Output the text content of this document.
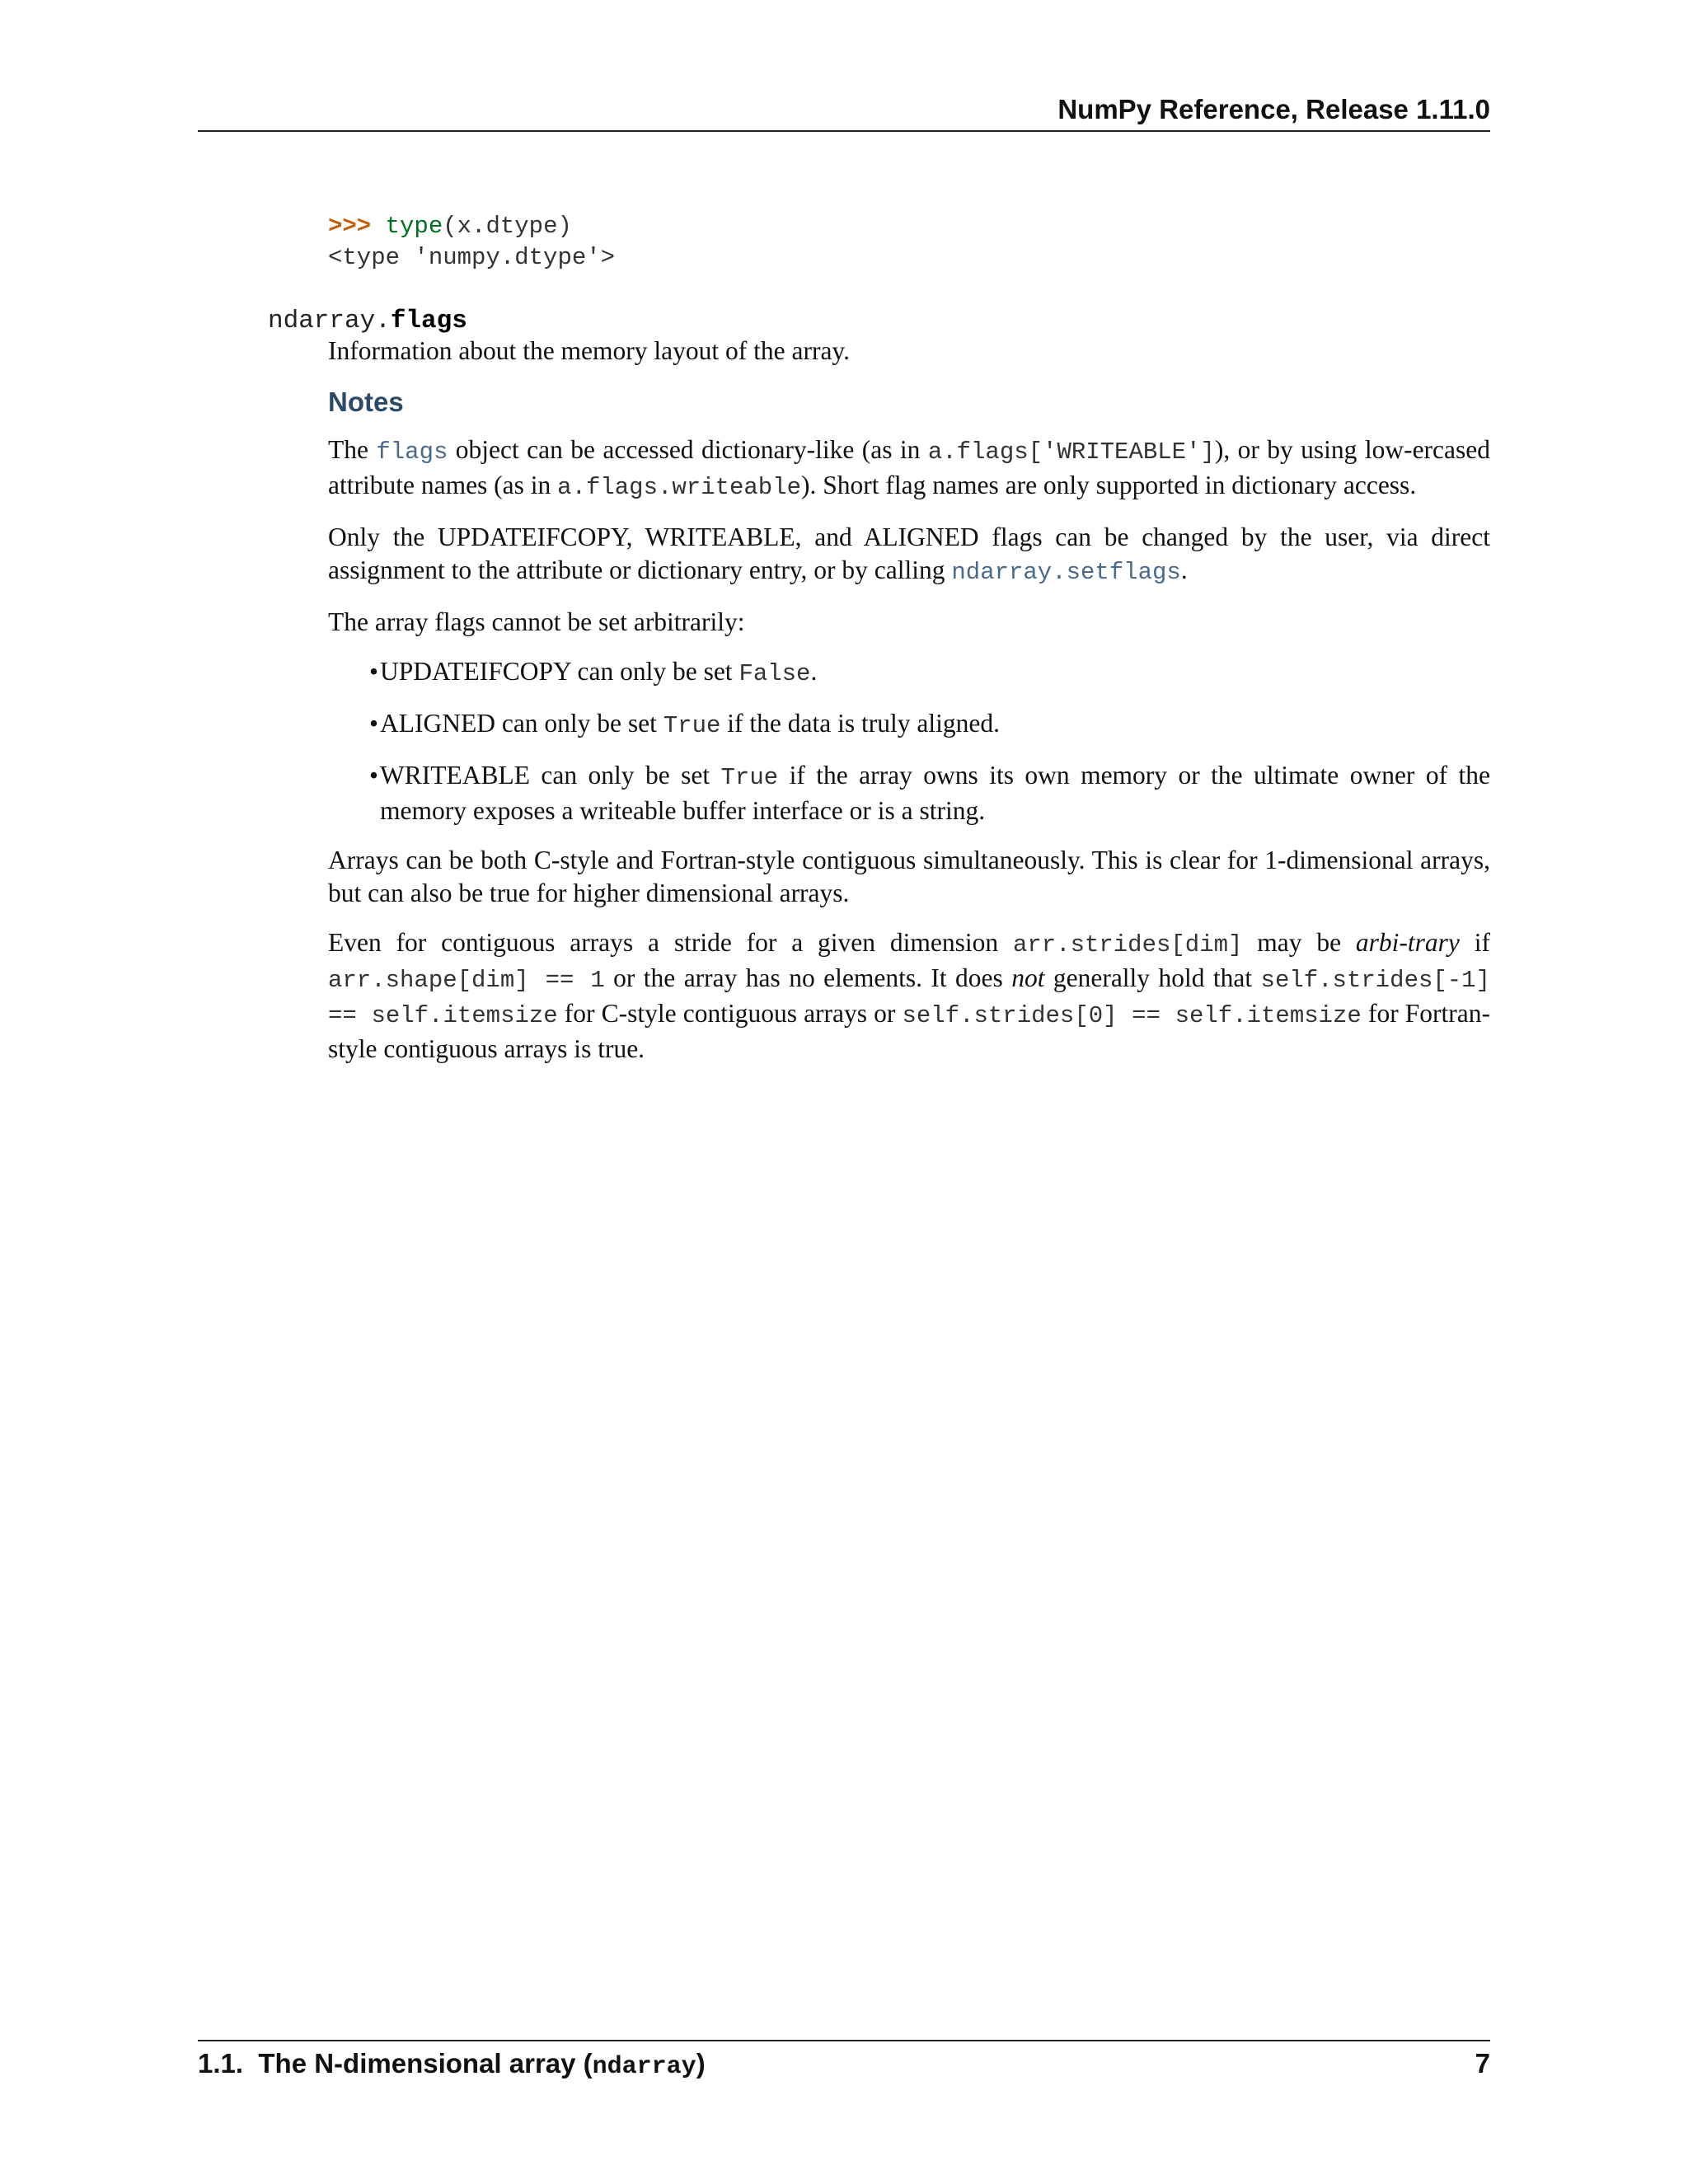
NumPy Reference, Release 1.11.0
>>> type(x.dtype)
<type 'numpy.dtype'>
ndarray.flags

Information about the memory layout of the array.

Notes

The flags object can be accessed dictionary-like (as in a.flags['WRITEABLE']), or by using low-ercased attribute names (as in a.flags.writeable). Short flag names are only supported in dictionary access.

Only the UPDATEIFCOPY, WRITEABLE, and ALIGNED flags can be changed by the user, via direct assignment to the attribute or dictionary entry, or by calling ndarray.setflags.

The array flags cannot be set arbitrarily:

• UPDATEIFCOPY can only be set False.
• ALIGNED can only be set True if the data is truly aligned.
• WRITEABLE can only be set True if the array owns its own memory or the ultimate owner of the memory exposes a writeable buffer interface or is a string.

Arrays can be both C-style and Fortran-style contiguous simultaneously. This is clear for 1-dimensional arrays, but can also be true for higher dimensional arrays.

Even for contiguous arrays a stride for a given dimension arr.strides[dim] may be arbi-trary if arr.shape[dim] == 1 or the array has no elements. It does not generally hold that self.strides[-1] == self.itemsize for C-style contiguous arrays or self.strides[0] == self.itemsize for Fortran-style contiguous arrays is true.

1.1. The N-dimensional array (ndarray)	7
